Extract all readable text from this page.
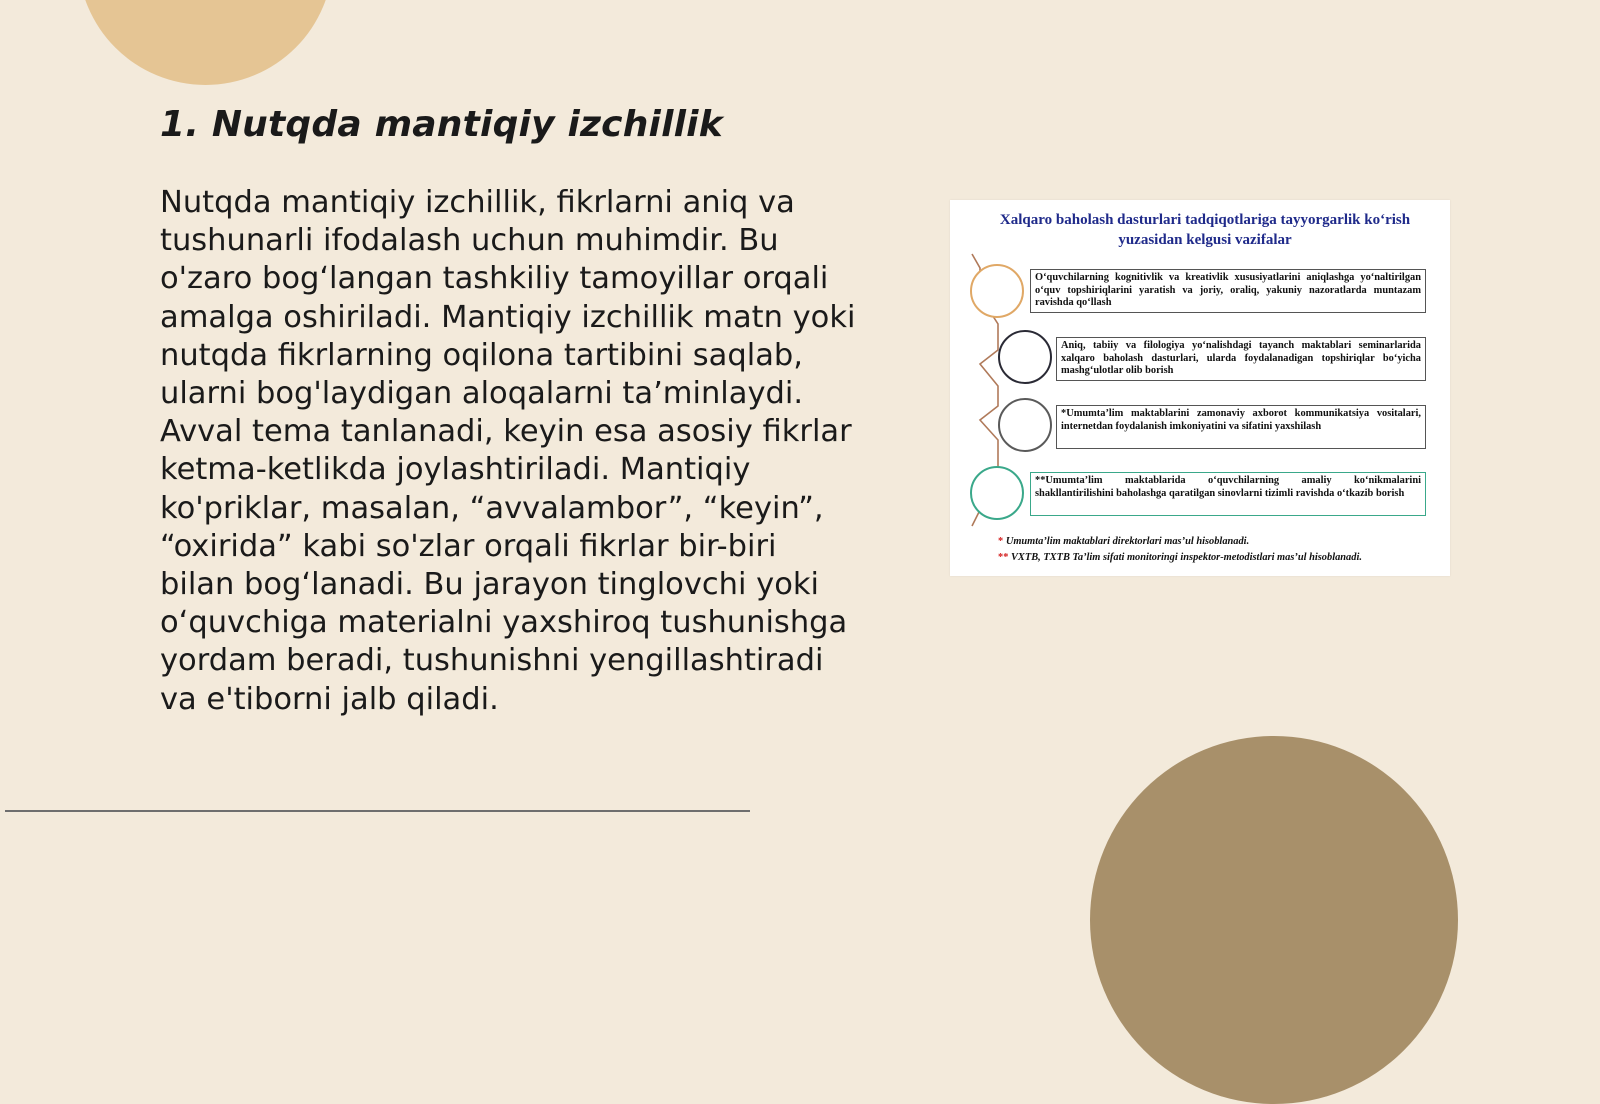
1. Nutqda mantiqiy izchillik
Nutqda mantiqiy izchillik, fikrlarni aniq va
tushunarli ifodalash uchun muhimdir. Bu
o'zaro bog‘langan tashkiliy tamoyillar orqali
amalga oshiriladi. Mantiqiy izchillik matn yoki
nutqda fikrlarning oqilona tartibini saqlab,
ularni bog'laydigan aloqalarni ta’minlaydi.
Avval tema tanlanadi, keyin esa asosiy fikrlar
ketma-ketlikda joylashtiriladi. Mantiqiy
ko'priklar, masalan, “avvalambor”, “keyin”,
“oxirida” kabi so'zlar orqali fikrlar bir-biri
bilan bog‘lanadi. Bu jarayon tinglovchi yoki
o‘quvchiga materialni yaxshiroq tushunishga
yordam beradi, tushunishni yengillashtiradi
va e'tiborni jalb qiladi.
Xalqaro baholash dasturlari tadqiqotlariga tayyorgarlik ko‘rish
yuzasidan kelgusi vazifalar
O‘quvchilarning kognitivlik va kreativlik xususiyatlarini aniqlashga yo‘naltirilgan o‘quv topshiriqlarini yaratish va joriy, oraliq, yakuniy nazoratlarda muntazam ravishda qo‘llash
Aniq, tabiiy va filologiya yo‘nalishdagi tayanch maktablari seminarlarida xalqaro baholash dasturlari, ularda foydalanadigan topshiriqlar bo‘yicha mashg‘ulotlar olib borish
*Umumta’lim maktablarini zamonaviy axborot kommunikatsiya vositalari, internetdan foydalanish imkoniyatini va sifatini yaxshilash
**Umumta’lim maktablarida o‘quvchilarning amaliy ko‘nikmalarini shakllantirilishini baholashga qaratilgan sinovlarni tizimli ravishda o‘tkazib borish
* Umumta’lim maktablari direktorlari mas’ul hisoblanadi.
** VXTB, TXTB Ta’lim sifati monitoringi inspektor-metodistlari mas’ul hisoblanadi.
